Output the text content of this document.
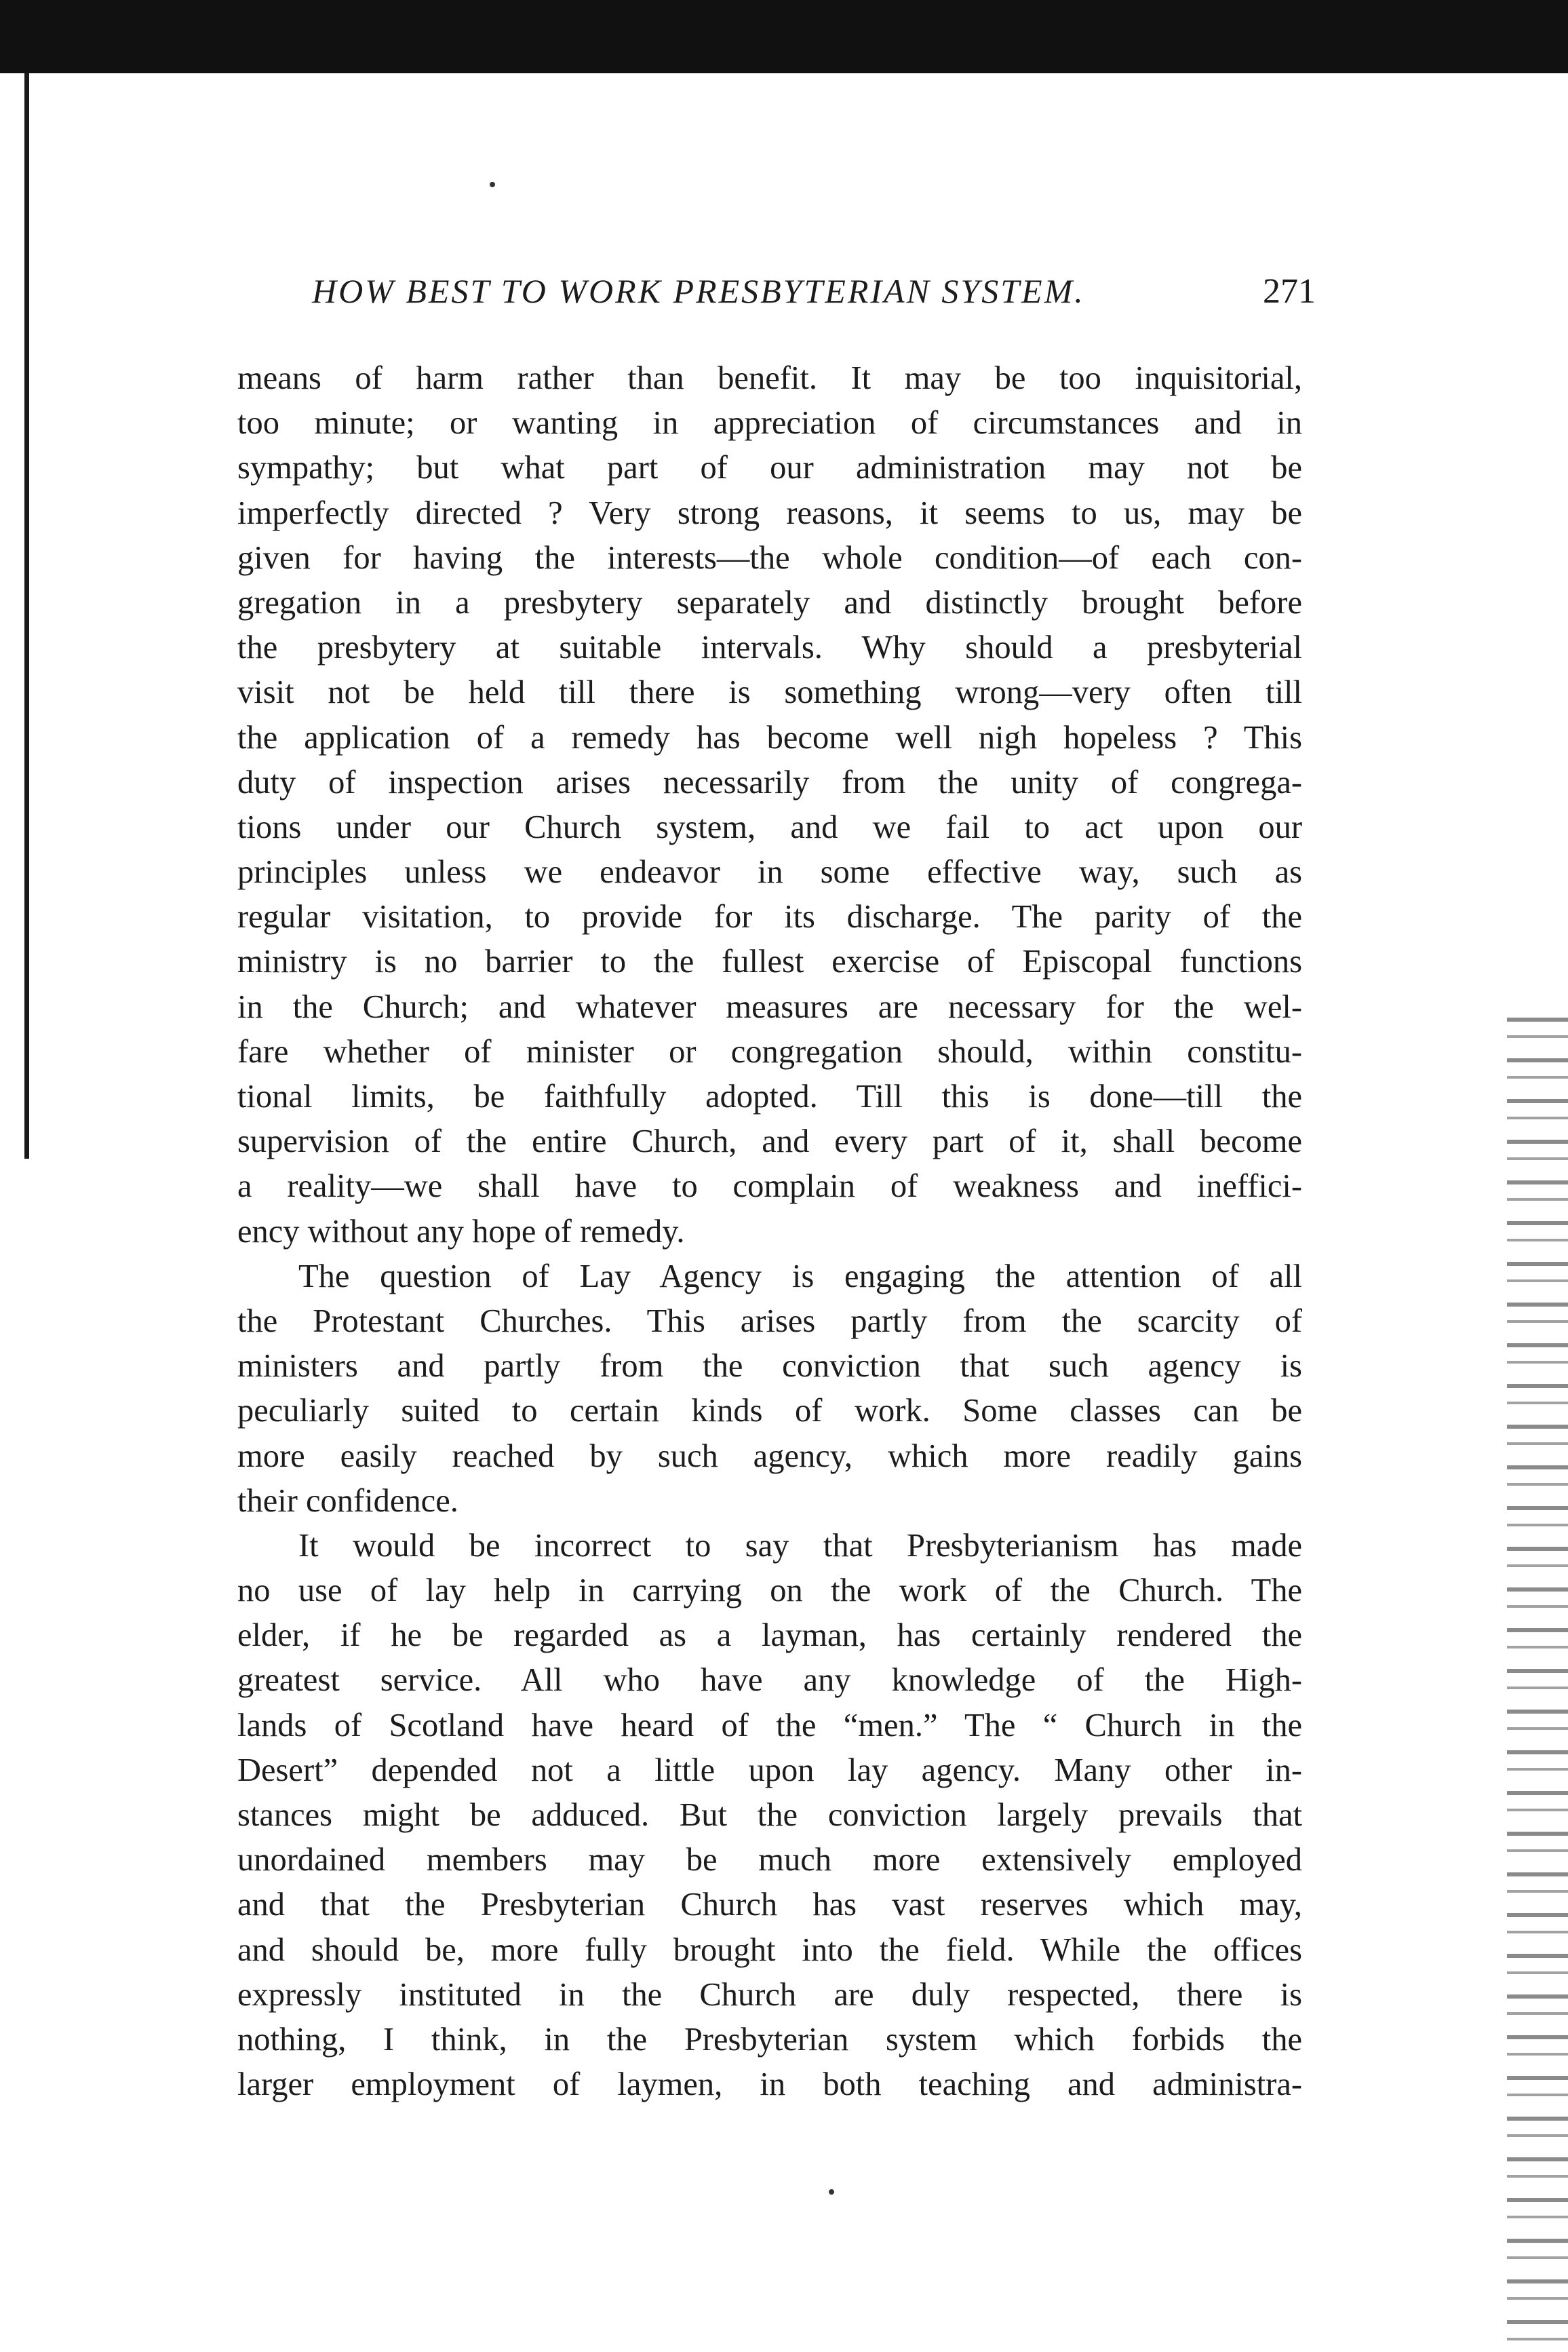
HOW BEST TO WORK PRESBYTERIAN SYSTEM.	271
means of harm rather than benefit. It may be too inquisitorial,
too minute; or wanting in appreciation of circumstances and in
sympathy; but what part of our administration may not be
imperfectly directed ? Very strong reasons, it seems to us, may be
given for having the interests—the whole condition—of each con-
gregation in a presbytery separately and distinctly brought before
the presbytery at suitable intervals. Why should a presbyterial
visit not be held till there is something wrong—very often till
the application of a remedy has become well nigh hopeless ? This
duty of inspection arises necessarily from the unity of congrega-
tions under our Church system, and we fail to act upon our
principles unless we endeavor in some effective way, such as
regular visitation, to provide for its discharge. The parity of the
ministry is no barrier to the fullest exercise of Episcopal functions
in the Church; and whatever measures are necessary for the wel-
fare whether of minister or congregation should, within constitu-
tional limits, be faithfully adopted. Till this is done—till the
supervision of the entire Church, and every part of it, shall become
a reality—we shall have to complain of weakness and ineffici-
ency without any hope of remedy.
The question of Lay Agency is engaging the attention of all
the Protestant Churches. This arises partly from the scarcity of
ministers and partly from the conviction that such agency is
peculiarly suited to certain kinds of work. Some classes can be
more easily reached by such agency, which more readily gains
their confidence.
It would be incorrect to say that Presbyterianism has made
no use of lay help in carrying on the work of the Church. The
elder, if he be regarded as a layman, has certainly rendered the
greatest service. All who have any knowledge of the High-
lands of Scotland have heard of the “men.” The “ Church in the
Desert” depended not a little upon lay agency. Many other in-
stances might be adduced. But the conviction largely prevails that
unordained members may be much more extensively employed
and that the Presbyterian Church has vast reserves which may,
and should be, more fully brought into the field. While the offices
expressly instituted in the Church are duly respected, there is
nothing, I think, in the Presbyterian system which forbids the
larger employment of laymen, in both teaching and administra-
